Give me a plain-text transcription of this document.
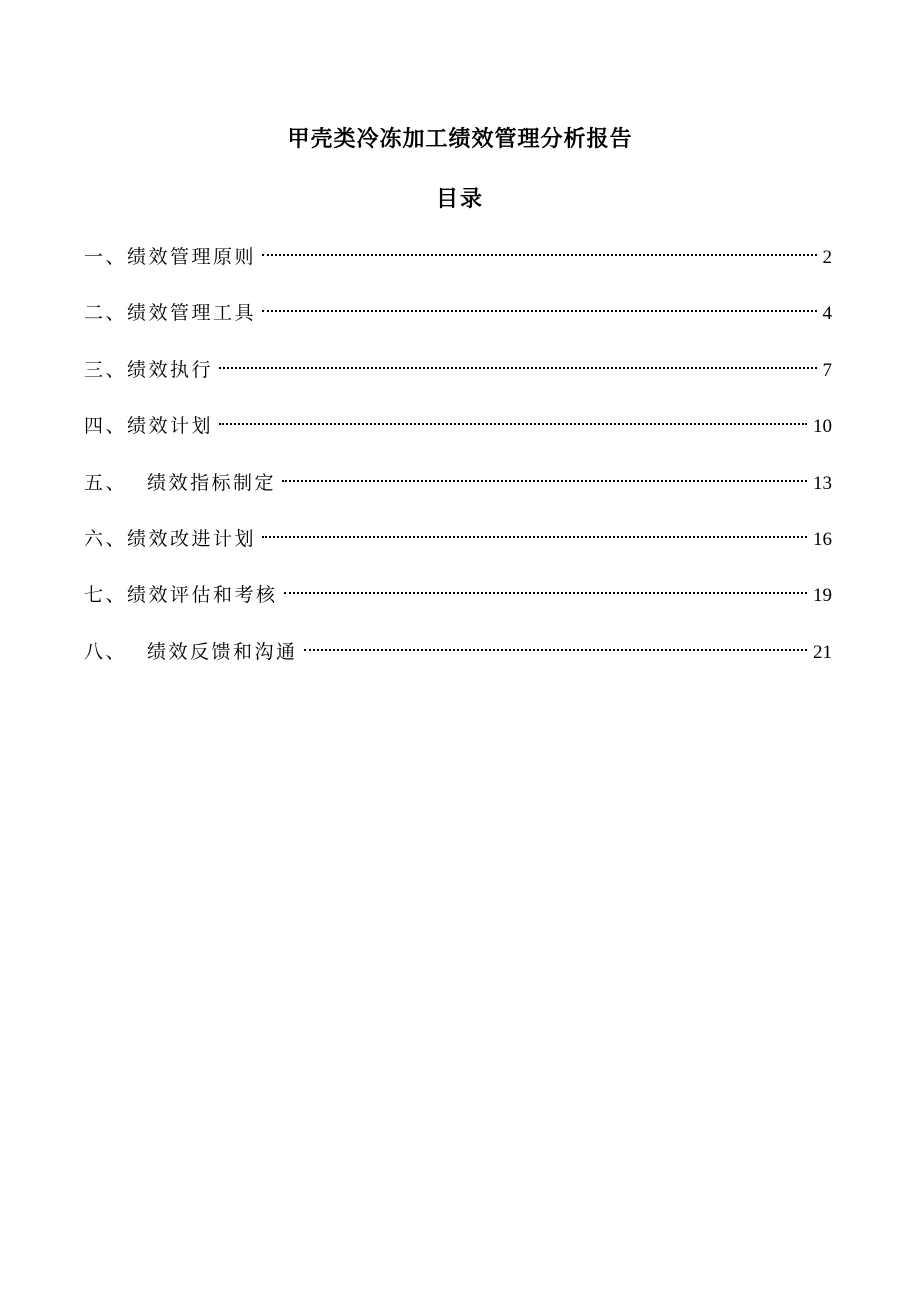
甲壳类冷冻加工绩效管理分析报告
目录
一、 绩效管理原则	2
二、 绩效管理工具	4
三、 绩效执行	7
四、 绩效计划	10
五、 绩效指标制定	13
六、 绩效改进计划	16
七、 绩效评估和考核	19
八、 绩效反馈和沟通	21
